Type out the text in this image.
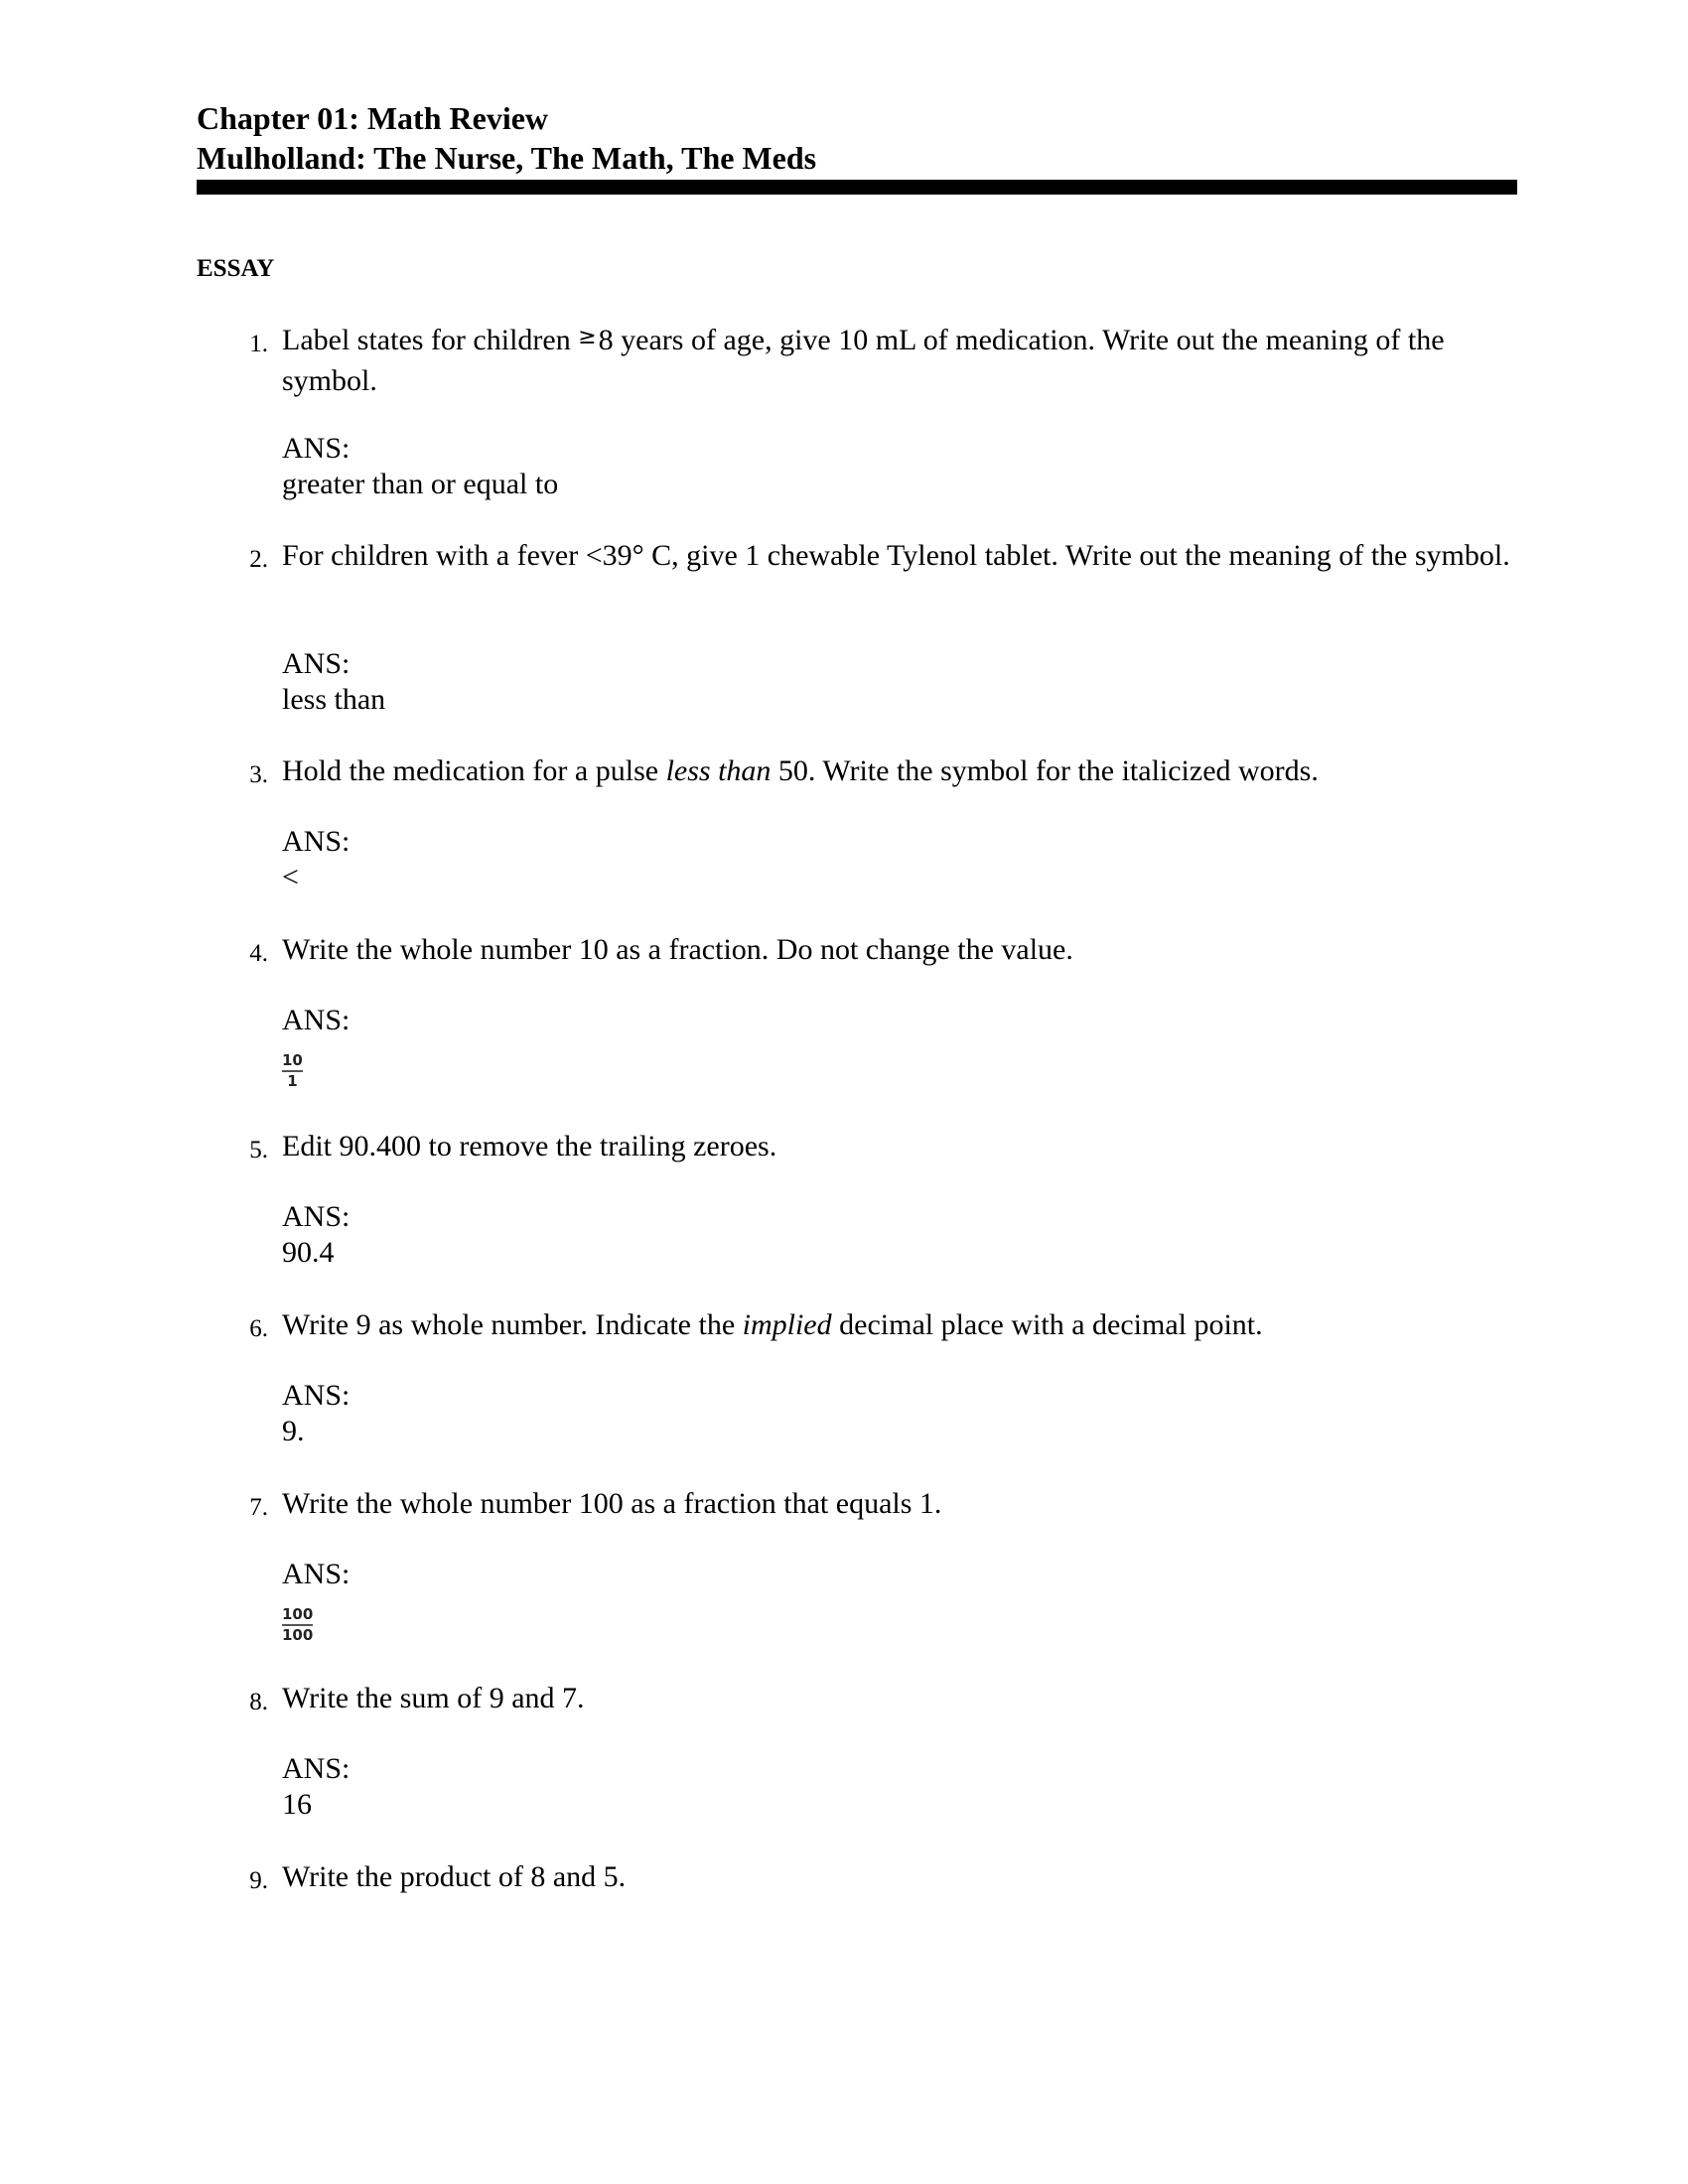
Chapter 01: Math Review

Mulholland: The Nurse, The Math, The Meds

ESSAY

1. Label states for children ≥8 years of age, give 10 mL of medication. Write out the meaning of the symbol.
ANS:
greater than or equal to
2. For children with a fever <39° C, give 1 chewable Tylenol tablet. Write out the meaning of the symbol.
ANS:
less than
3. Hold the medication for a pulse less than 50. Write the symbol for the italicized words.
ANS:
<
4. Write the whole number 10 as a fraction. Do not change the value.
ANS:
$\frac{10}{1}$
5. Edit 90.400 to remove the trailing zeroes.
ANS:
90.4
6. Write 9 as whole number. Indicate the implied decimal place with a decimal point.
ANS:
9.
7. Write the whole number 100 as a fraction that equals 1.
ANS:
$\frac{100}{100}$
8. Write the sum of 9 and 7.
ANS:
16
9. Write the product of 8 and 5.
